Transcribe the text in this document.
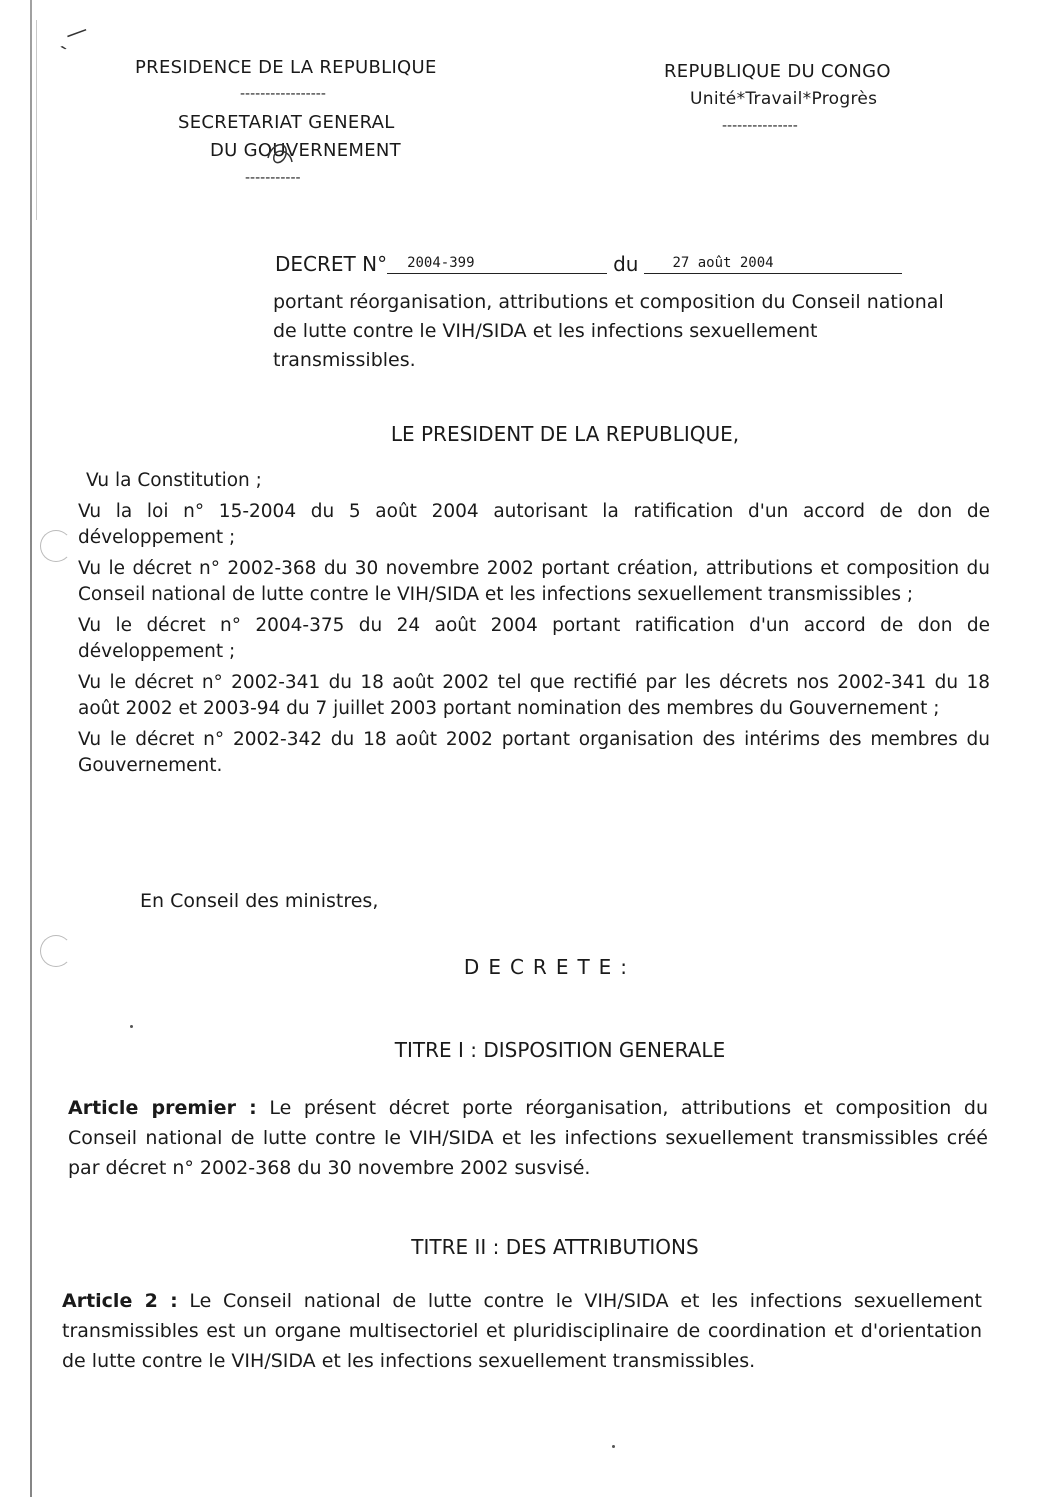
ˎ—
PRESIDENCE DE LA REPUBLIQUE
-----------------
SECRETARIAT GENERAL
DU GOUVERNEMENT
-----------
REPUBLIQUE DU CONGO
Unité*Travail*Progrès
---------------
DECRET N°	2004-399	du	27 août 2004
portant réorganisation, attributions et composition du Conseil national de lutte contre le VIH/SIDA et les infections sexuellement transmissibles.
LE PRESIDENT DE LA REPUBLIQUE,

Vu la Constitution ;

Vu la loi n° 15-2004 du 5 août 2004 autorisant la ratification d'un accord de don de développement ;

Vu le décret n° 2002-368 du 30 novembre 2002 portant création, attributions et composition du Conseil national de lutte contre le VIH/SIDA et les infections sexuellement transmissibles ;

Vu le décret n° 2004-375 du 24 août 2004 portant ratification d'un accord de don de développement ;

Vu le décret n° 2002-341 du 18 août 2002 tel que rectifié par les décrets nos 2002-341 du 18 août 2002 et 2003-94 du 7 juillet 2003 portant nomination des membres du Gouvernement ;

Vu le décret n° 2002-342 du 18 août 2002 portant organisation des intérims des membres du Gouvernement.

En Conseil des ministres,
DECRETE:
TITRE I : DISPOSITION GENERALE
Article premier : Le présent décret porte réorganisation, attributions et composition du Conseil national de lutte contre le VIH/SIDA et les infections sexuellement transmissibles créé par décret n° 2002-368 du 30 novembre 2002 susvisé.
TITRE II : DES ATTRIBUTIONS
Article 2 : Le Conseil national de lutte contre le VIH/SIDA et les infections sexuellement transmissibles est un organe multisectoriel et pluridisciplinaire de coordination et d'orientation de lutte contre le VIH/SIDA et les infections sexuellement transmissibles.
